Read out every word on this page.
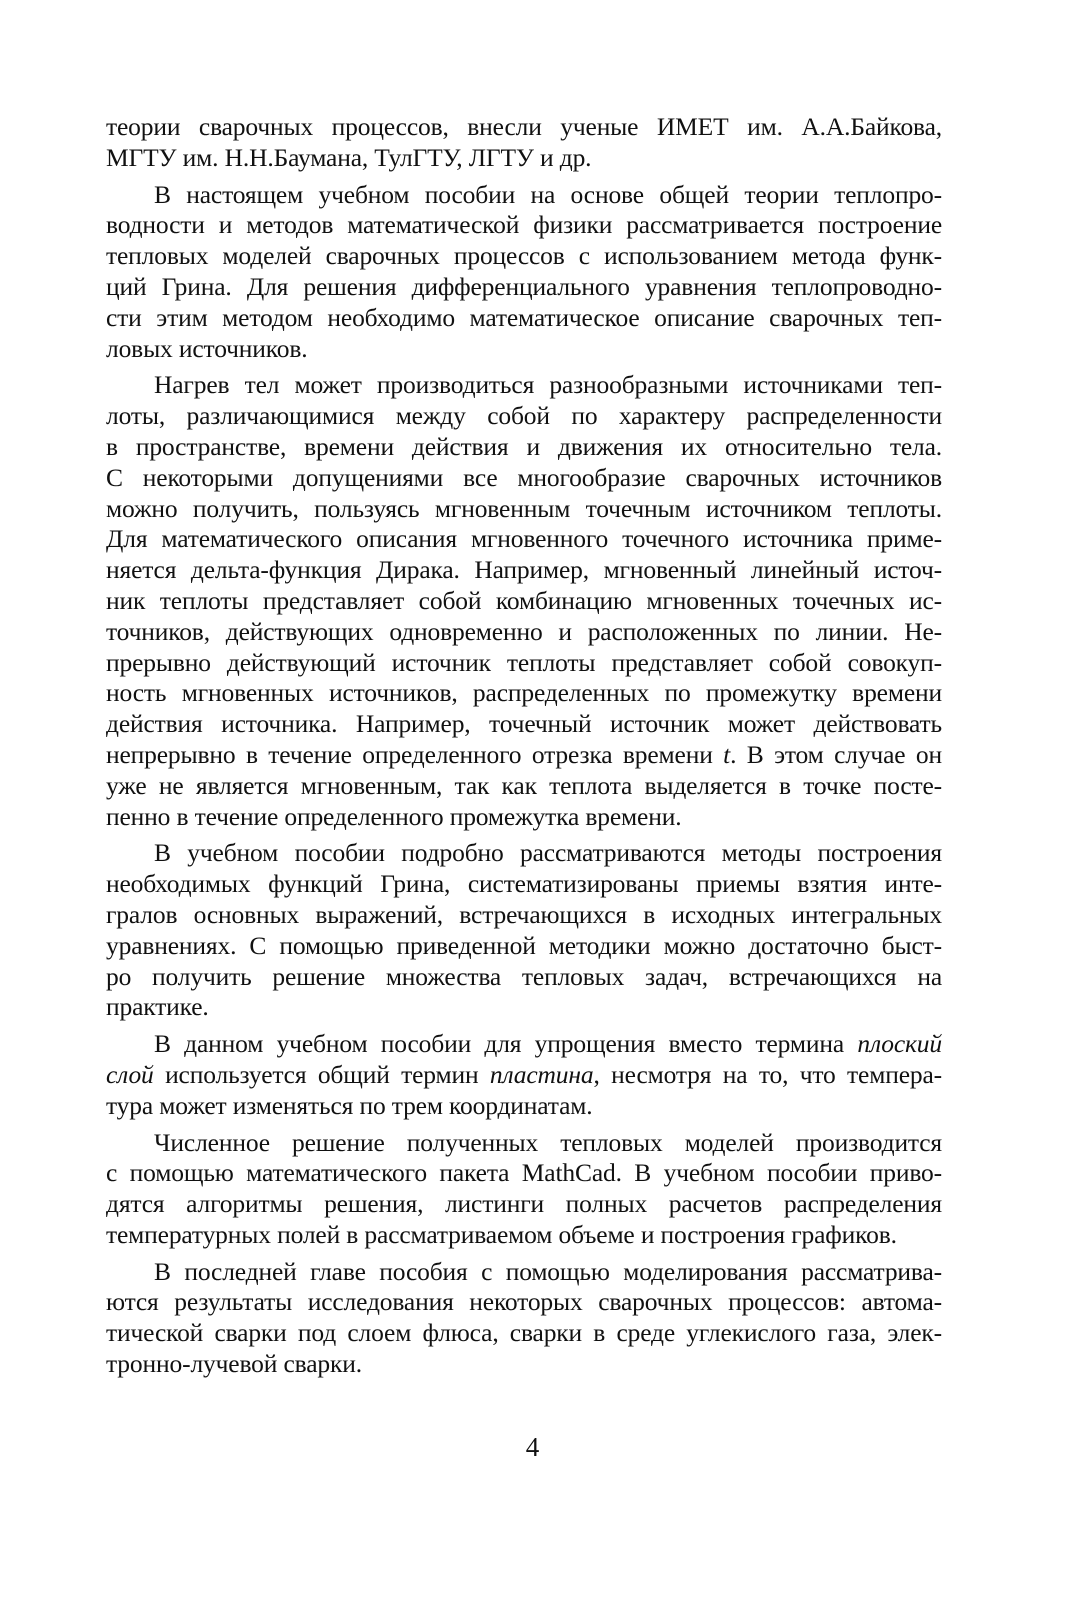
теории сварочных процессов, внесли ученые ИМЕТ им. А.А.Байкова,
МГТУ им. Н.Н.Баумана, ТулГТУ, ЛГТУ и др.
В настоящем учебном пособии на основе общей теории теплопро-
водности и методов математической физики рассматривается построение
тепловых моделей сварочных процессов с использованием метода функ-
ций Грина. Для решения дифференциального уравнения теплопроводно-
сти этим методом необходимо математическое описание сварочных теп-
ловых источников.
Нагрев тел может производиться разнообразными источниками теп-
лоты, различающимися между собой по характеру распределенности
в пространстве, времени действия и движения их относительно тела.
С некоторыми допущениями все многообразие сварочных источников
можно получить, пользуясь мгновенным точечным источником теплоты.
Для математического описания мгновенного точечного источника приме-
няется дельта-функция Дирака. Например, мгновенный линейный источ-
ник теплоты представляет собой комбинацию мгновенных точечных ис-
точников, действующих одновременно и расположенных по линии. Не-
прерывно действующий источник теплоты представляет собой совокуп-
ность мгновенных источников, распределенных по промежутку времени
действия источника. Например, точечный источник может действовать
непрерывно в течение определенного отрезка времени t. В этом случае он
уже не является мгновенным, так как теплота выделяется в точке посте-
пенно в течение определенного промежутка времени.
В учебном пособии подробно рассматриваются методы построения
необходимых функций Грина, систематизированы приемы взятия инте-
гралов основных выражений, встречающихся в исходных интегральных
уравнениях. С помощью приведенной методики можно достаточно быст-
ро получить решение множества тепловых задач, встречающихся на
практике.
В данном учебном пособии для упрощения вместо термина плоский
слой используется общий термин пластина, несмотря на то, что темпера-
тура может изменяться по трем координатам.
Численное решение полученных тепловых моделей производится
с помощью математического пакета MathCad. В учебном пособии приво-
дятся алгоритмы решения, листинги полных расчетов распределения
температурных полей в рассматриваемом объеме и построения графиков.
В последней главе пособия с помощью моделирования рассматрива-
ются результаты исследования некоторых сварочных процессов: автома-
тической сварки под слоем флюса, сварки в среде углекислого газа, элек-
тронно-лучевой сварки.
4
